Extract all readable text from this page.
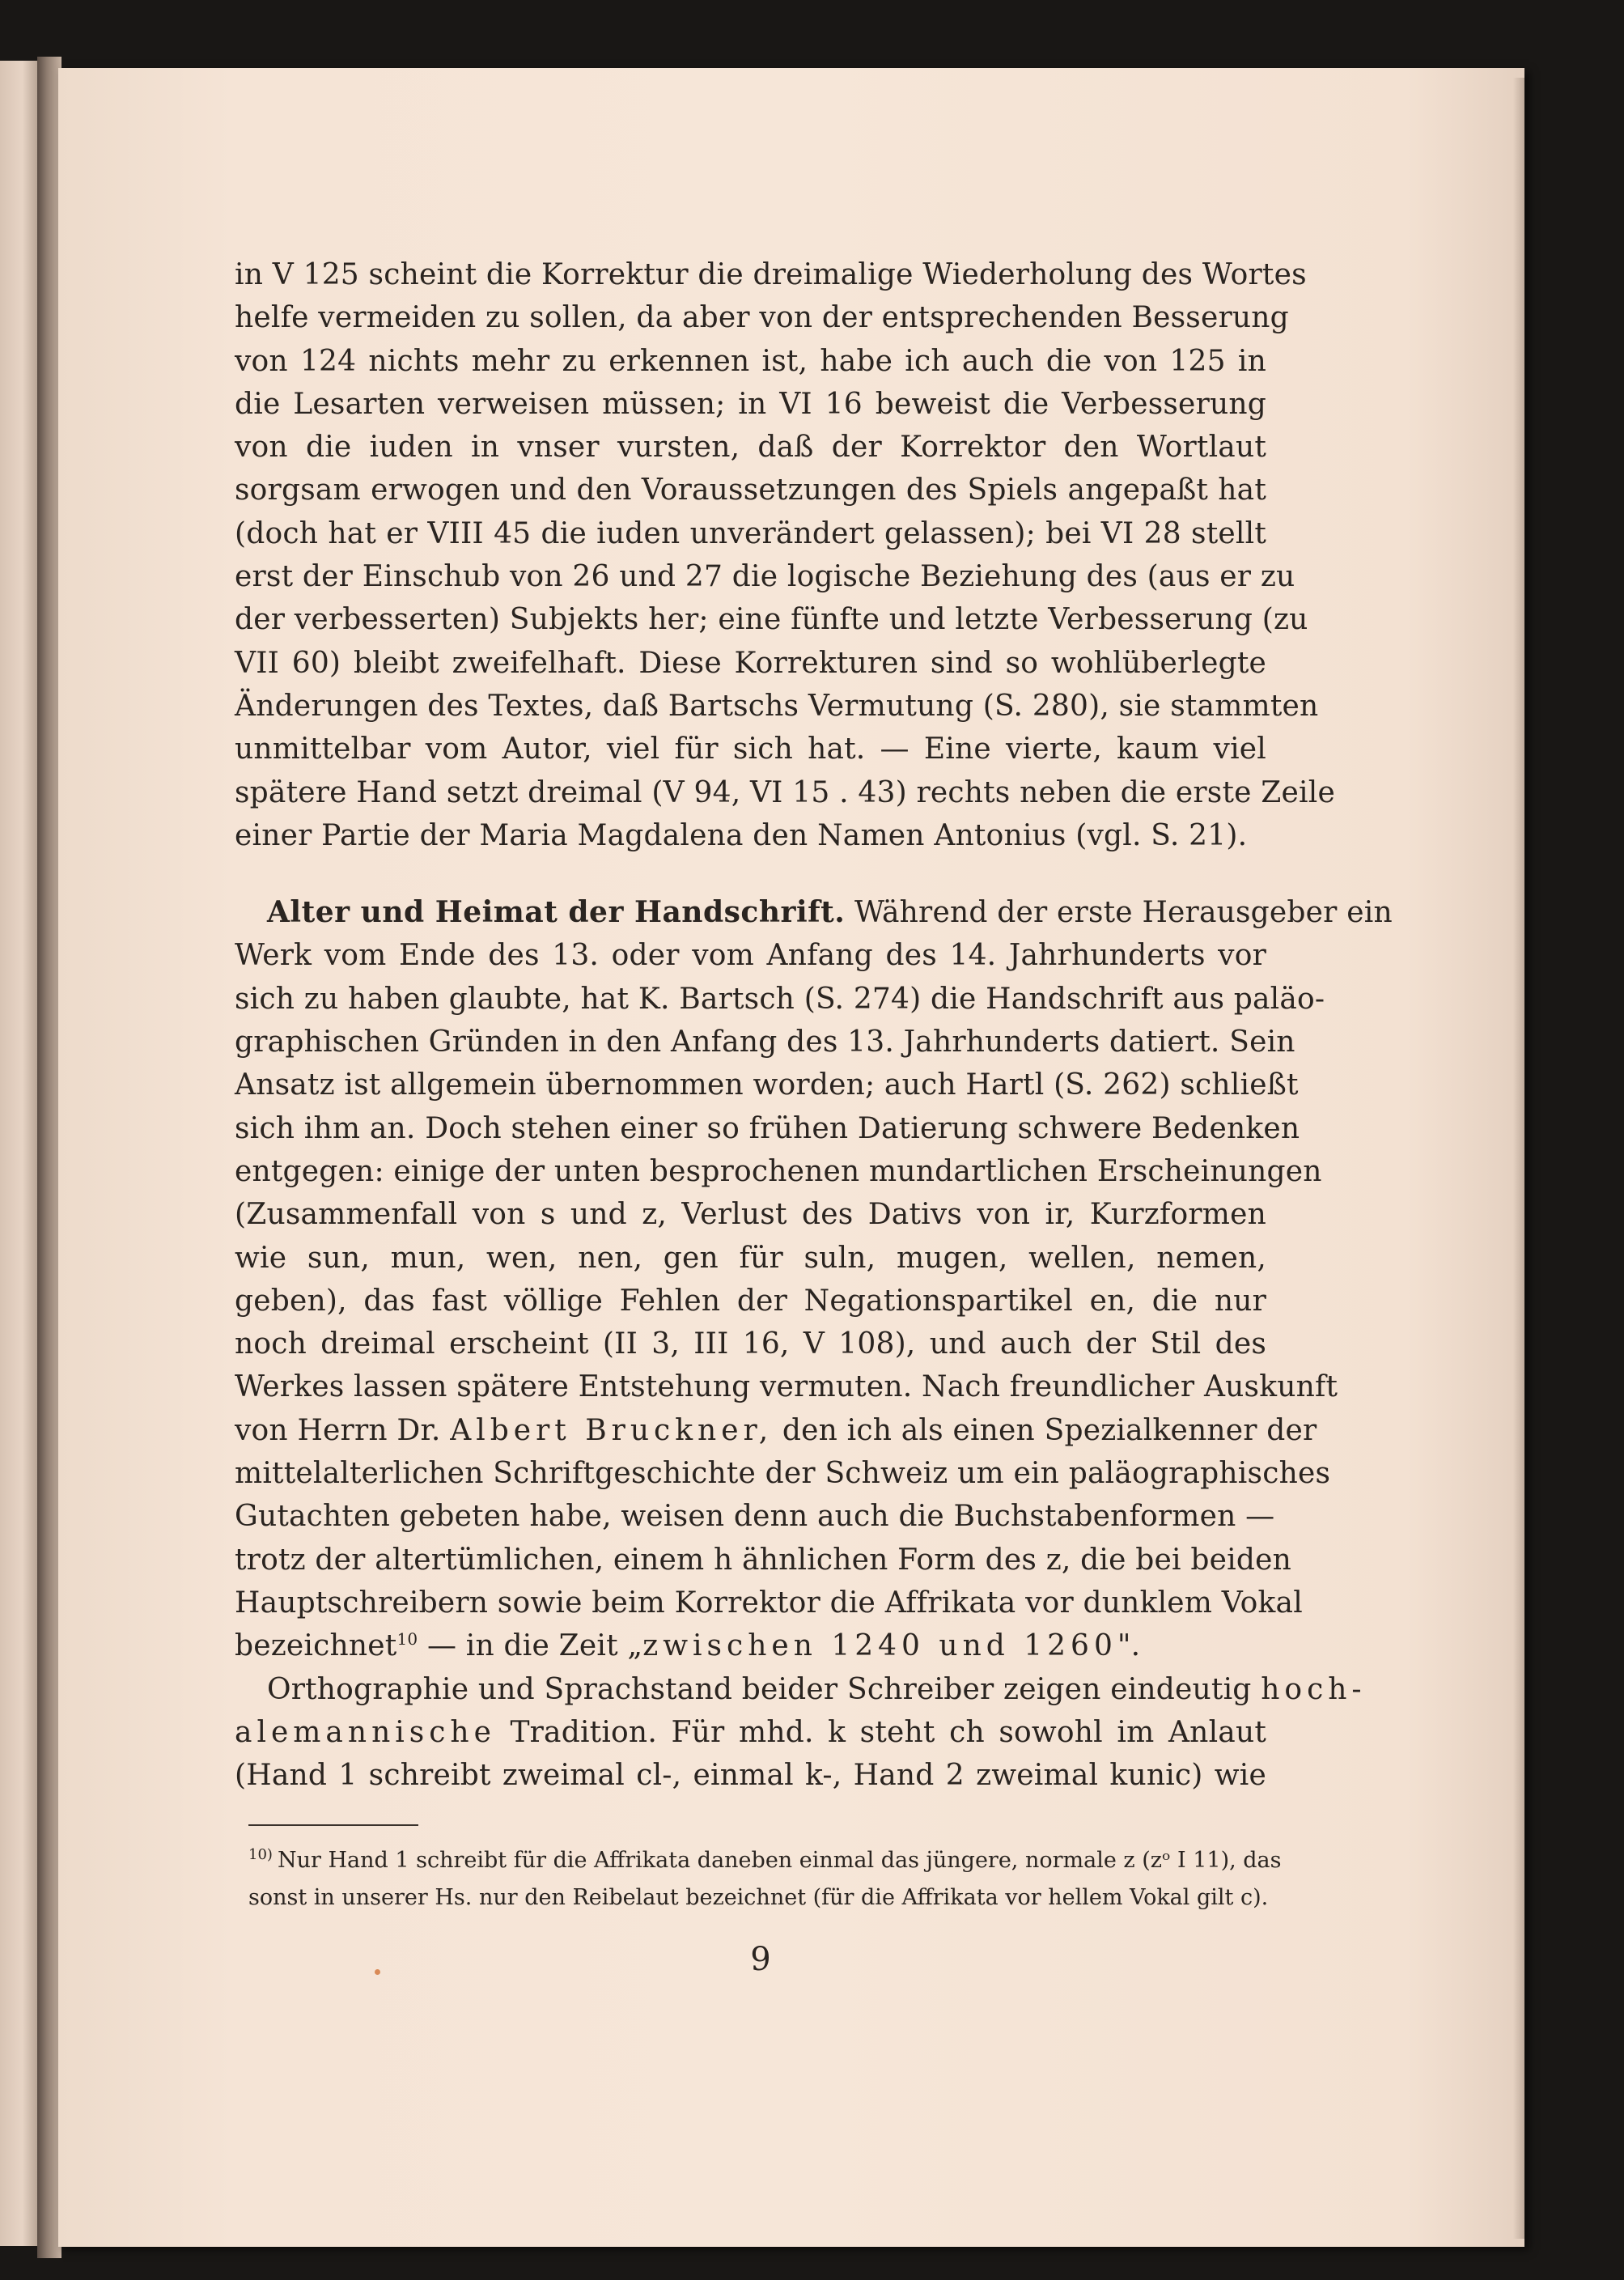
in V 125 scheint die Korrektur die dreimalige Wiederholung des Wortes
helfe vermeiden zu sollen, da aber von der entsprechenden Besserung
von 124 nichts mehr zu erkennen ist, habe ich auch die von 125 in
die Lesarten verweisen müssen; in VI 16 beweist die Verbesserung
von die iuden in vnser vursten, daß der Korrektor den Wortlaut
sorgsam erwogen und den Voraussetzungen des Spiels angepaßt hat
(doch hat er VIII 45 die iuden unverändert gelassen); bei VI 28 stellt
erst der Einschub von 26 und 27 die logische Beziehung des (aus er zu
der verbesserten) Subjekts her; eine fünfte und letzte Verbesserung (zu
VII 60) bleibt zweifelhaft. Diese Korrekturen sind so wohlüberlegte
Änderungen des Textes, daß Bartschs Vermutung (S. 280), sie stammten
unmittelbar vom Autor, viel für sich hat. — Eine vierte, kaum viel
spätere Hand setzt dreimal (V 94, VI 15 . 43) rechts neben die erste Zeile
einer Partie der Maria Magdalena den Namen Antonius (vgl. S. 21).
Alter und Heimat der Handschrift. Während der erste Herausgeber ein
Werk vom Ende des 13. oder vom Anfang des 14. Jahrhunderts vor
sich zu haben glaubte, hat K. Bartsch (S. 274) die Handschrift aus paläo-
graphischen Gründen in den Anfang des 13. Jahrhunderts datiert. Sein
Ansatz ist allgemein übernommen worden; auch Hartl (S. 262) schließt
sich ihm an. Doch stehen einer so frühen Datierung schwere Bedenken
entgegen: einige der unten besprochenen mundartlichen Erscheinungen
(Zusammenfall von s und z, Verlust des Dativs von ir, Kurzformen
wie sun, mun, wen, nen, gen für suln, mugen, wellen, nemen,
geben), das fast völlige Fehlen der Negationspartikel en, die nur
noch dreimal erscheint (II 3, III 16, V 108), und auch der Stil des
Werkes lassen spätere Entstehung vermuten. Nach freundlicher Auskunft
von Herrn Dr. Albert Bruckner, den ich als einen Spezialkenner der
mittelalterlichen Schriftgeschichte der Schweiz um ein paläographisches
Gutachten gebeten habe, weisen denn auch die Buchstabenformen —
trotz der altertümlichen, einem h ähnlichen Form des z, die bei beiden
Hauptschreibern sowie beim Korrektor die Affrikata vor dunklem Vokal
bezeichnet$^{10}$ — in die Zeit „zwischen 1240 und 1260".
Orthographie und Sprachstand beider Schreiber zeigen eindeutig hoch-
alemannische Tradition. Für mhd. k steht ch sowohl im Anlaut
(Hand 1 schreibt zweimal cl-, einmal k-, Hand 2 zweimal kunic) wie
$^{10)}$ Nur Hand 1 schreibt für die Affrikata daneben einmal das jüngere, normale z (zᵒ I 11), das
sonst in unserer Hs. nur den Reibelaut bezeichnet (für die Affrikata vor hellem Vokal gilt c).
9
